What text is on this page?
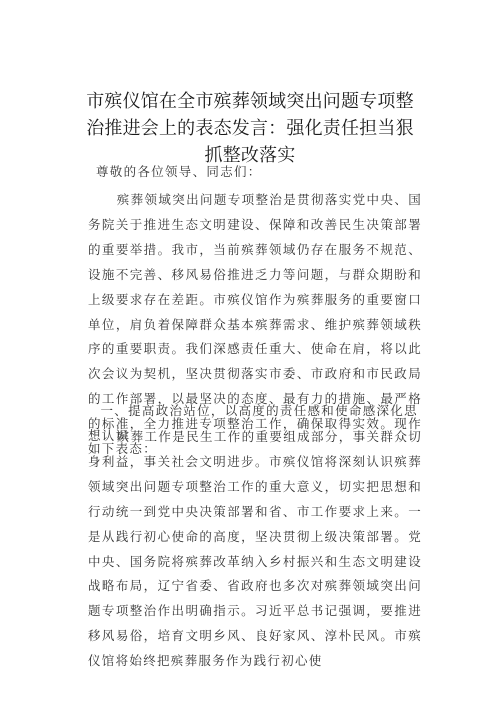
市殡仪馆在全市殡葬领域突出问题专项整治推进会上的表态发言：强化责任担当狠抓整改落实

尊敬的各位领导、同志们：

殡葬领域突出问题专项整治是贯彻落实党中央、国务院关于推进生态文明建设、保障和改善民生决策部署的重要举措。我市，当前殡葬领域仍存在服务不规范、设施不完善、移风易俗推进乏力等问题，与群众期盼和上级要求存在差距。市殡仪馆作为殡葬服务的重要窗口单位，肩负着保障群众基本殡葬需求、维护殡葬领域秩序的重要职责。我们深感责任重大、使命在肩，将以此次会议为契机，坚决贯彻落实市委、市政府和市民政局的工作部署，以最坚决的态度、最有力的措施、最严格的标准，全力推进专项整治工作，确保取得实效。现作如下表态：

一、提高政治站位，以高度的责任感和使命感深化思想认识

殡葬工作是民生工作的重要组成部分，事关群众切身利益，事关社会文明进步。市殡仪馆将深刻认识殡葬领域突出问题专项整治工作的重大意义，切实把思想和行动统一到党中央决策部署和省、市工作要求上来。一是从践行初心使命的高度，坚决贯彻上级决策部署。党中央、国务院将殡葬改革纳入乡村振兴和生态文明建设战略布局，辽宁省委、省政府也多次对殡葬领域突出问题专项整治作出明确指示。习近平总书记强调，要推进移风易俗，培育文明乡风、良好家风、淳朴民风。市殡仪馆将始终把殡葬服务作为践行初心使
